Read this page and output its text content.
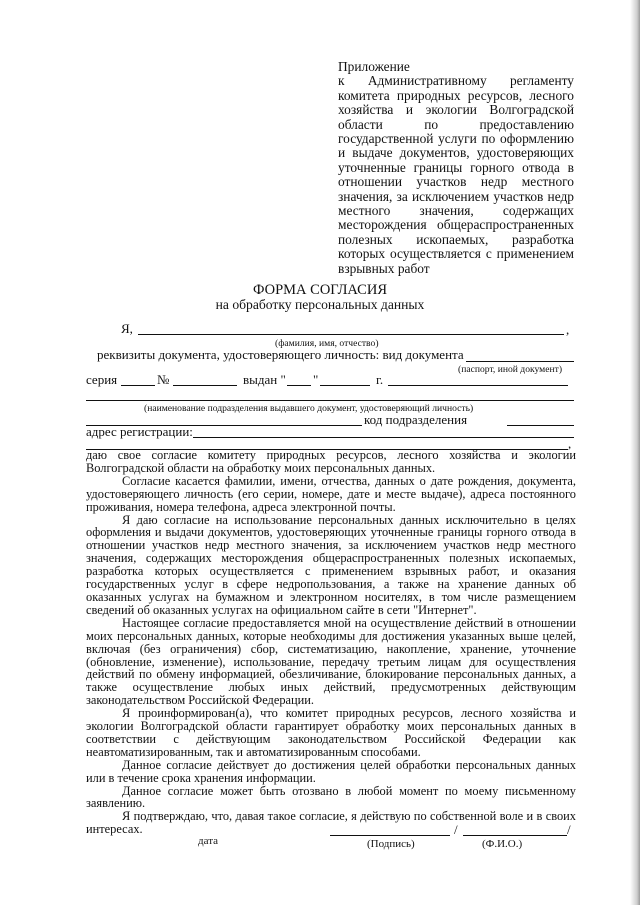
Приложение
к Административному регламенту комитета природных ресурсов, лесного хозяйства и экологии Волгоградской области по предоставлению государственной услуги по оформлению и выдаче документов, удостоверяющих уточненные границы горного отвода в отношении участков недр местного значения, за исключением участков недр местного значения, содержащих месторождения общераспространенных полезных ископаемых, разработка которых осуществляется с применением взрывных работ
ФОРМА СОГЛАСИЯ
на обработку персональных данных
Я,	,
(фамилия, имя, отчество)
реквизиты документа, удостоверяющего личность: вид документа
(паспорт, иной документ)
серия	№	выдан " "	г.
(наименование подразделения выдавшего документ, удостоверяющий личность)
код подразделения
адрес регистрации:
,

даю свое согласие комитету природных ресурсов, лесного хозяйства и экологии Волгоградской области на обработку моих персональных данных.

Согласие касается фамилии, имени, отчества, данных о дате рождения, документа, удостоверяющего личность (его серии, номере, дате и месте выдаче), адреса постоянного проживания, номера телефона, адреса электронной почты.

Я даю согласие на использование персональных данных исключительно в целях оформления и выдачи документов, удостоверяющих уточненные границы горного отвода в отношении участков недр местного значения, за исключением участков недр местного значения, содержащих месторождения общераспространенных полезных ископаемых, разработка которых осуществляется с применением взрывных работ, и оказания государственных услуг в сфере недропользования, а также на хранение данных об оказанных услугах на бумажном и электронном носителях, в том числе размещением сведений об оказанных услугах на официальном сайте в сети "Интернет".

Настоящее согласие предоставляется мной на осуществление действий в отношении моих персональных данных, которые необходимы для достижения указанных выше целей, включая (без ограничения) сбор, систематизацию, накопление, хранение, уточнение (обновление, изменение), использование, передачу третьим лицам для осуществления действий по обмену информацией, обезличивание, блокирование персональных данных, а также осуществление любых иных действий, предусмотренных действующим законодательством Российской Федерации.

Я проинформирован(а), что комитет природных ресурсов, лесного хозяйства и экологии Волгоградской области гарантирует обработку моих персональных данных в соответствии с действующим законодательством Российской Федерации как неавтоматизированным, так и автоматизированным способами.

Данное согласие действует до достижения целей обработки персональных данных или в течение срока хранения информации.

Данное согласие может быть отозвано в любой момент по моему письменному заявлению.

Я подтверждаю, что, давая такое согласие, я действую по собственной воле и в своих интересах.	/	/
дата	(Подпись)	(Ф.И.О.)
